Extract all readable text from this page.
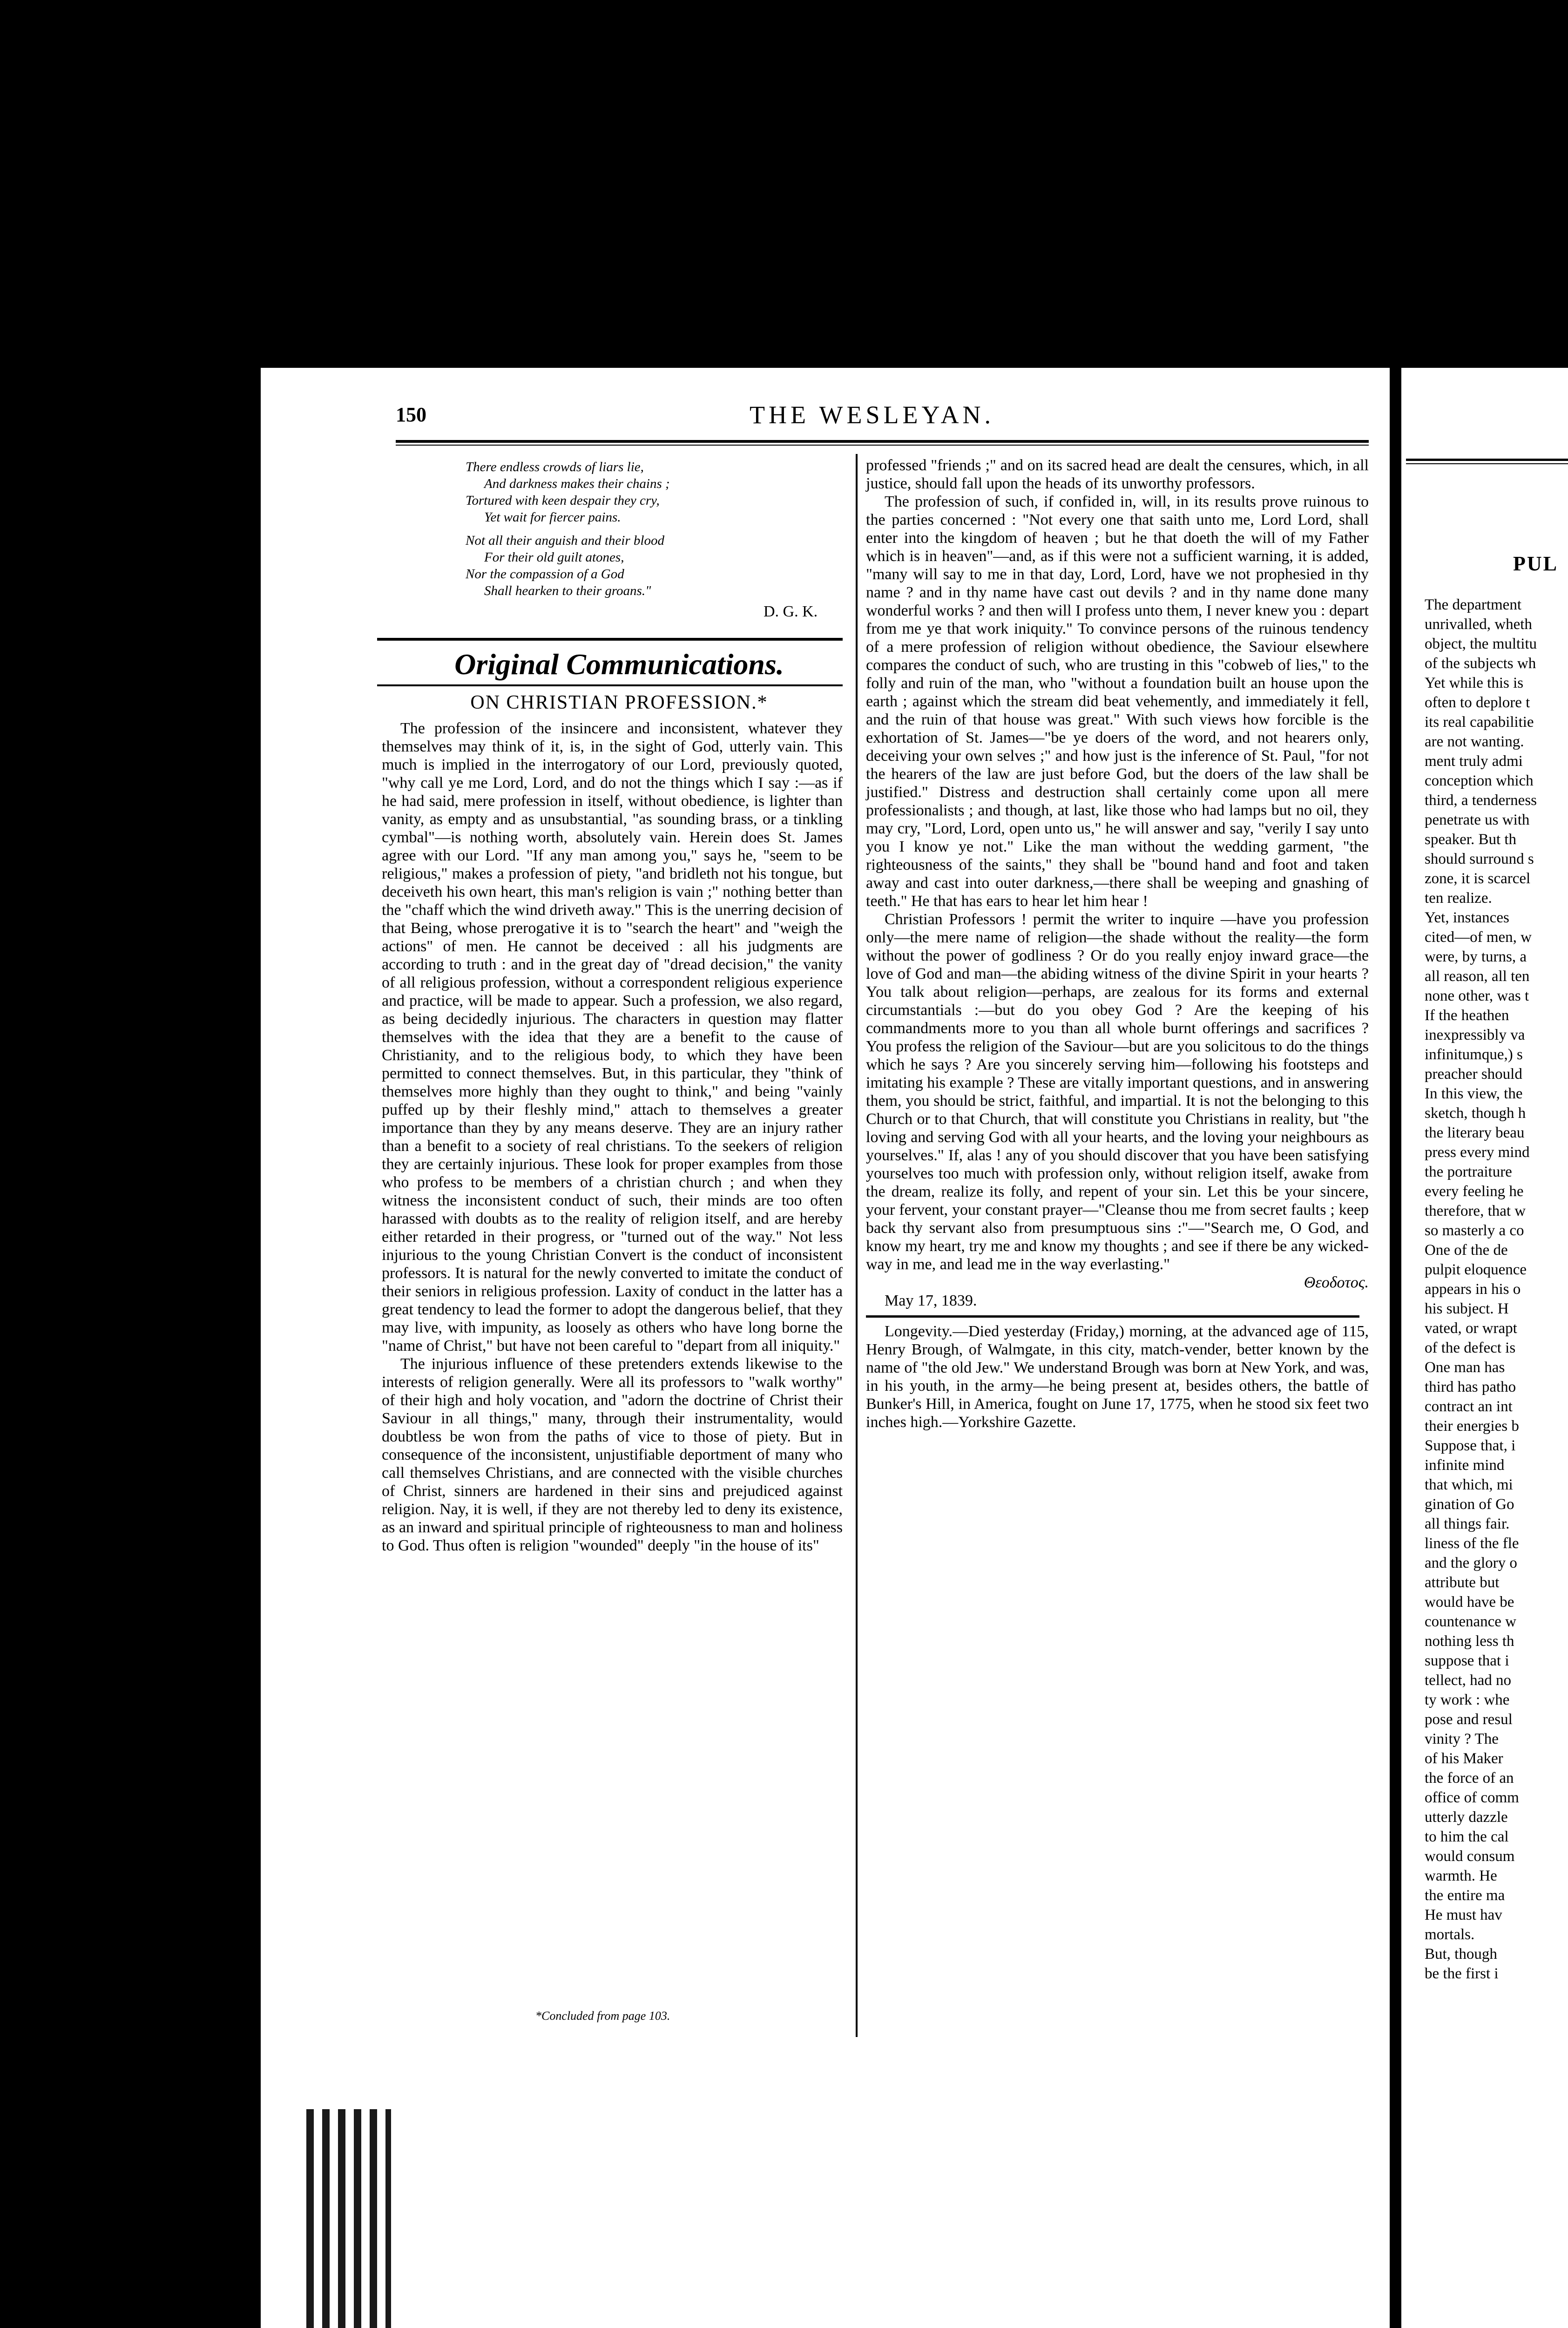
150	THE WESLEYAN.
There endless crowds of liars lie,
And darkness makes their chains ;
Tortured with keen despair they cry,
Yet wait for fiercer pains.
Not all their anguish and their blood
For their old guilt atones,
Nor the compassion of a God
Shall hearken to their groans."
D. G. K.
Original Communications.
ON CHRISTIAN PROFESSION.*

The profession of the insincere and inconsistent, whatever they themselves may think of it, is, in the sight of God, utterly vain. This much is implied in the interrogatory of our Lord, previously quoted, "why call ye me Lord, Lord, and do not the things which I say :—as if he had said, mere profession in itself, without obedience, is lighter than vanity, as empty and as unsubstantial, "as sounding brass, or a tinkling cymbal"—is nothing worth, absolutely vain. Herein does St. James agree with our Lord. "If any man among you," says he, "seem to be religious," makes a profession of piety, "and bridleth not his tongue, but deceiveth his own heart, this man's religion is vain ;" nothing better than the "chaff which the wind driveth away." This is the unerring decision of that Being, whose prerogative it is to "search the heart" and "weigh the actions" of men. He cannot be deceived : all his judgments are according to truth : and in the great day of "dread decision," the vanity of all religious profession, without a correspondent religious experience and practice, will be made to appear. Such a profession, we also regard, as being decidedly injurious. The characters in question may flatter themselves with the idea that they are a benefit to the cause of Christianity, and to the religious body, to which they have been permitted to connect themselves. But, in this particular, they "think of themselves more highly than they ought to think," and being "vainly puffed up by their fleshly mind," attach to themselves a greater importance than they by any means deserve. They are an injury rather than a benefit to a society of real christians. To the seekers of religion they are certainly injurious. These look for proper examples from those who profess to be members of a christian church ; and when they witness the inconsistent conduct of such, their minds are too often harassed with doubts as to the reality of religion itself, and are hereby either retarded in their progress, or "turned out of the way." Not less injurious to the young Christian Convert is the conduct of inconsistent professors. It is natural for the newly converted to imitate the conduct of their seniors in religious profession. Laxity of conduct in the latter has a great tendency to lead the former to adopt the dangerous belief, that they may live, with impunity, as loosely as others who have long borne the "name of Christ," but have not been careful to "depart from all iniquity."

The injurious influence of these pretenders extends likewise to the interests of religion generally. Were all its professors to "walk worthy" of their high and holy vocation, and "adorn the doctrine of Christ their Saviour in all things," many, through their instrumentality, would doubtless be won from the paths of vice to those of piety. But in consequence of the inconsistent, unjustifiable deportment of many who call themselves Christians, and are connected with the visible churches of Christ, sinners are hardened in their sins and prejudiced against religion. Nay, it is well, if they are not thereby led to deny its existence, as an inward and spiritual principle of righteousness to man and holiness to God. Thus often is religion "wounded" deeply "in the house of its"

*Concluded from page 103.

professed "friends ;" and on its sacred head are dealt the censures, which, in all justice, should fall upon the heads of its unworthy professors.

The profession of such, if confided in, will, in its results prove ruinous to the parties concerned : "Not every one that saith unto me, Lord Lord, shall enter into the kingdom of heaven ; but he that doeth the will of my Father which is in heaven"—and, as if this were not a sufficient warning, it is added, "many will say to me in that day, Lord, Lord, have we not prophesied in thy name ? and in thy name have cast out devils ? and in thy name done many wonderful works ? and then will I profess unto them, I never knew you : depart from me ye that work iniquity." To convince persons of the ruinous tendency of a mere profession of religion without obedience, the Saviour elsewhere compares the conduct of such, who are trusting in this "cobweb of lies," to the folly and ruin of the man, who "without a foundation built an house upon the earth ; against which the stream did beat vehemently, and immediately it fell, and the ruin of that house was great." With such views how forcible is the exhortation of St. James—"be ye doers of the word, and not hearers only, deceiving your own selves ;" and how just is the inference of St. Paul, "for not the hearers of the law are just before God, but the doers of the law shall be justified." Distress and destruction shall certainly come upon all mere professionalists ; and though, at last, like those who had lamps but no oil, they may cry, "Lord, Lord, open unto us," he will answer and say, "verily I say unto you I know ye not." Like the man without the wedding garment, "the righteousness of the saints," they shall be "bound hand and foot and taken away and cast into outer darkness,—there shall be weeping and gnashing of teeth." He that has ears to hear let him hear !

Christian Professors ! permit the writer to inquire —have you profession only—the mere name of religion—the shade without the reality—the form without the power of godliness ? Or do you really enjoy inward grace—the love of God and man—the abiding witness of the divine Spirit in your hearts ? You talk about religion—perhaps, are zealous for its forms and external circumstantials :—but do you obey God ? Are the keeping of his commandments more to you than all whole burnt offerings and sacrifices ? You profess the religion of the Saviour—but are you solicitous to do the things which he says ? Are you sincerely serving him—following his footsteps and imitating his example ? These are vitally important questions, and in answering them, you should be strict, faithful, and impartial. It is not the belonging to this Church or to that Church, that will constitute you Christians in reality, but "the loving and serving God with all your hearts, and the loving your neighbours as yourselves." If, alas ! any of you should discover that you have been satisfying yourselves too much with profession only, without religion itself, awake from the dream, realize its folly, and repent of your sin. Let this be your sincere, your fervent, your constant prayer—"Cleanse thou me from secret faults ; keep back thy servant also from presumptuous sins :"—"Search me, O God, and know my heart, try me and know my thoughts ; and see if there be any wicked-way in me, and lead me in the way everlasting."

Θεοδοτος.
May 17, 1839.

Longevity.—Died yesterday (Friday,) morning, at the advanced age of 115, Henry Brough, of Walmgate, in this city, match-vender, better known by the name of "the old Jew." We understand Brough was born at New York, and was, in his youth, in the army—he being present at, besides others, the battle of Bunker's Hill, in America, fought on June 17, 1775, when he stood six feet two inches high.—Yorkshire Gazette.

PUL
The department
unrivalled, wheth
object, the multitu
of the subjects wh
Yet while this is
often to deplore t
its real capabilitie
are not wanting.
ment truly admi
conception which
third, a tenderness
penetrate us with
speaker. But th
should surround s
zone, it is scarcel
ten realize.
Yet, instances
cited—of men, w
were, by turns, a
all reason, all ten
none other, was t
If the heathen
inexpressibly va
infinitumque,) s
preacher should
In this view, the
sketch, though h
the literary beau
press every mind
the portraiture
every feeling he
therefore, that w
so masterly a co
One of the de
pulpit eloquence
appears in his o
his subject. H
vated, or wrapt
of the defect is
One man has
third has patho
contract an int
their energies b
Suppose that, i
infinite mind
that which, mi
gination of Go
all things fair.
liness of the fle
and the glory o
attribute but
would have be
countenance w
nothing less th
suppose that i
tellect, had no
ty work : whe
pose and resul
vinity ? The
of his Maker
the force of an
office of comm
utterly dazzle
to him the cal
would consum
warmth. He
the entire ma
He must hav
mortals.
But, though
be the first i
